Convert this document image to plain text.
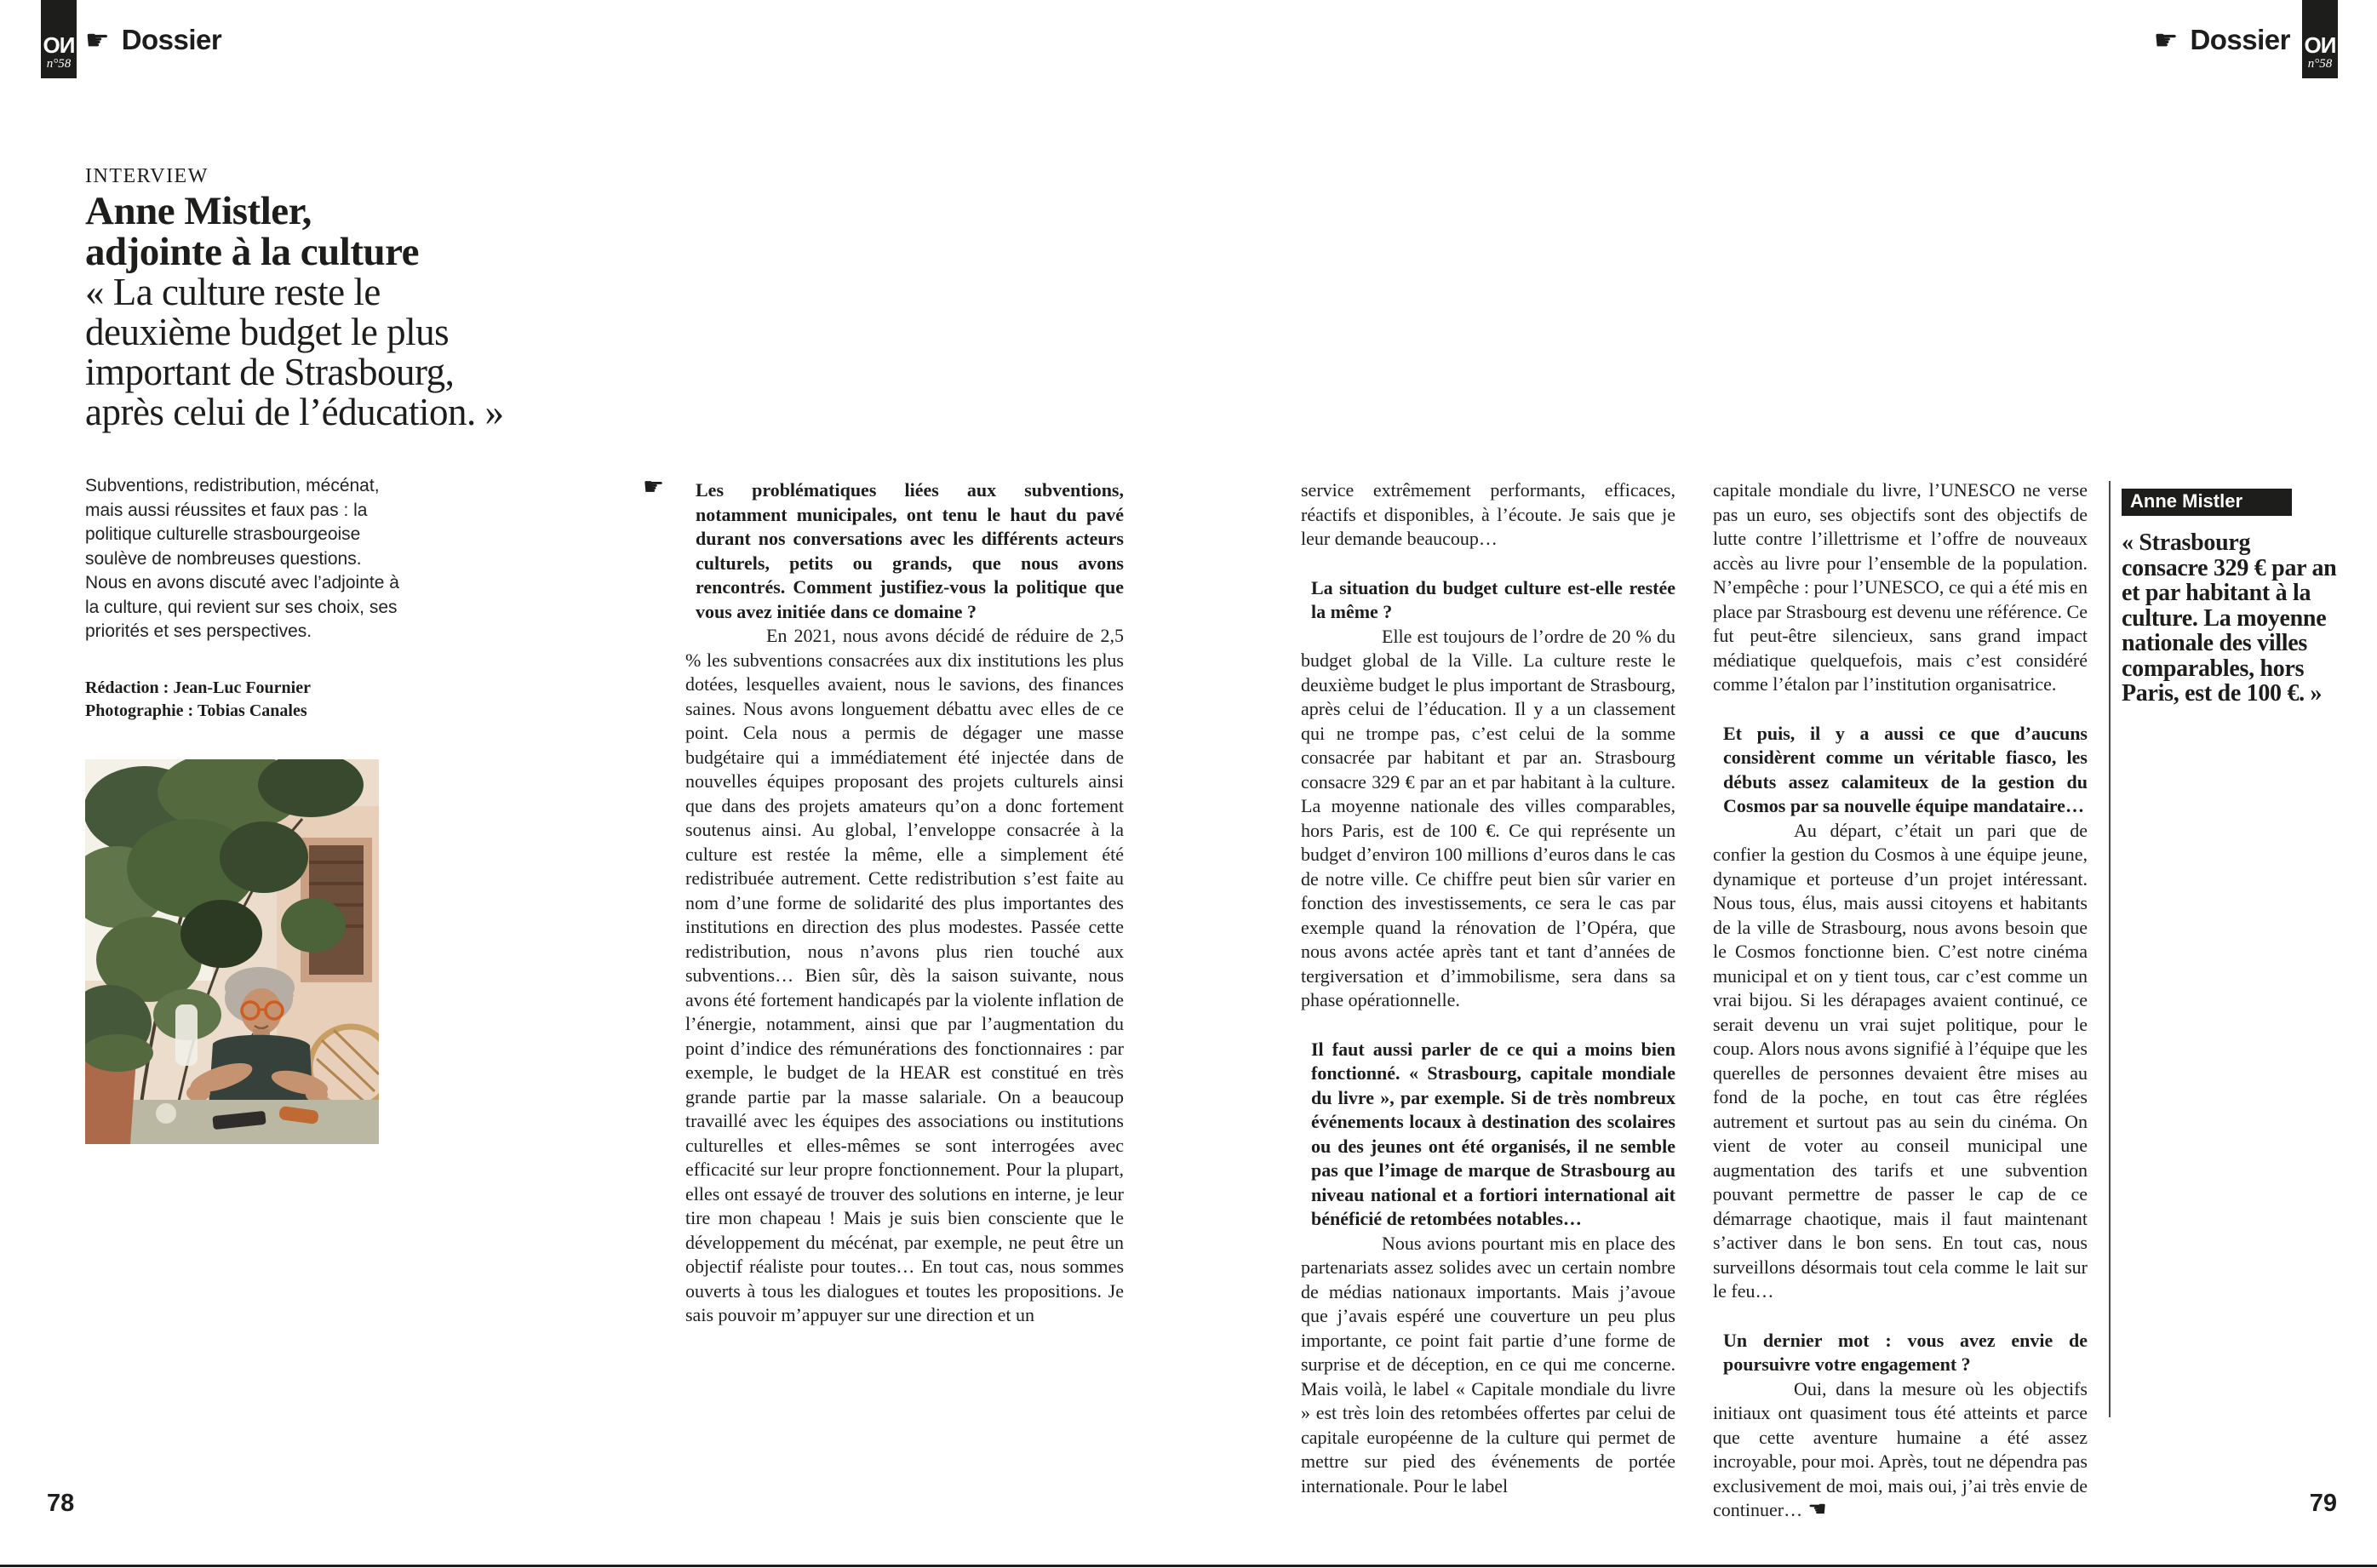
OИ
n°58
☛ Dossier	☛ Dossier OИ
n°58
INTERVIEW
Anne Mistler,
adjointe à la culture
« La culture reste le
deuxième budget le plus
important de Strasbourg,
après celui de l’éducation. »
Subventions, redistribution, mécénat, mais aussi réussites et faux pas : la politique culturelle strasbourgeoise soulève de nombreuses questions. Nous en avons discuté avec l’adjointe à la culture, qui revient sur ses choix, ses priorités et ses perspectives.
Rédaction : Jean-Luc Fournier
Photographie : Tobias Canales
☛ Les problématiques liées aux subventions, notamment municipales, ont tenu le haut du pavé durant nos conversations avec les différents acteurs culturels, petits ou grands, que nous avons rencontrés. Comment justifiez-vous la politique que vous avez initiée dans ce domaine ?
En 2021, nous avons décidé de réduire de 2,5 % les subventions consacrées aux dix institutions les plus dotées, lesquelles avaient, nous le savions, des finances saines. Nous avons longuement débattu avec elles de ce point. Cela nous a permis de dégager une masse budgétaire qui a immédiatement été injectée dans de nouvelles équipes proposant des projets culturels ainsi que dans des projets amateurs qu’on a donc fortement soutenus ainsi. Au global, l’enveloppe consacrée à la culture est restée la même, elle a simplement été redistribuée autrement. Cette redistribution s’est faite au nom d’une forme de solidarité des plus importantes des institutions en direction des plus modestes. Passée cette redistribution, nous n’avons plus rien touché aux subventions… Bien sûr, dès la saison suivante, nous avons été fortement handicapés par la violente inflation de l’énergie, notamment, ainsi que par l’augmentation du point d’indice des rémunérations des fonctionnaires : par exemple, le budget de la HEAR est constitué en très grande partie par la masse salariale. On a beaucoup travaillé avec les équipes des associations ou institutions culturelles et elles-mêmes se sont interrogées avec efficacité sur leur propre fonctionnement. Pour la plupart, elles ont essayé de trouver des solutions en interne, je leur tire mon chapeau ! Mais je suis bien consciente que le développement du mécénat, par exemple, ne peut être un objectif réaliste pour toutes… En tout cas, nous sommes ouverts à tous les dialogues et toutes les propositions. Je sais pouvoir m’appuyer sur une direction et un
service extrêmement performants, efficaces, réactifs et disponibles, à l’écoute. Je sais que je leur demande beaucoup…
La situation du budget culture est-elle restée la même ?
Elle est toujours de l’ordre de 20 % du budget global de la Ville. La culture reste le deuxième budget le plus important de Strasbourg, après celui de l’éducation. Il y a un classement qui ne trompe pas, c’est celui de la somme consacrée par habitant et par an. Strasbourg consacre 329 € par an et par habitant à la culture. La moyenne nationale des villes comparables, hors Paris, est de 100 €. Ce qui représente un budget d’environ 100 millions d’euros dans le cas de notre ville. Ce chiffre peut bien sûr varier en fonction des investissements, ce sera le cas par exemple quand la rénovation de l’Opéra, que nous avons actée après tant et tant d’années de tergiversation et d’immobilisme, sera dans sa phase opérationnelle.
Il faut aussi parler de ce qui a moins bien fonctionné. « Strasbourg, capitale mondiale du livre », par exemple. Si de très nombreux événements locaux à destination des scolaires ou des jeunes ont été organisés, il ne semble pas que l’image de marque de Strasbourg au niveau national et a fortiori international ait bénéficié de retombées notables…
Nous avions pourtant mis en place des partenariats assez solides avec un certain nombre de médias nationaux importants. Mais j’avoue que j’avais espéré une couverture un peu plus importante, ce point fait partie d’une forme de surprise et de déception, en ce qui me concerne. Mais voilà, le label « Capitale mondiale du livre » est très loin des retombées offertes par celui de capitale européenne de la culture qui permet de mettre sur pied des événements de portée internationale. Pour le label
capitale mondiale du livre, l’UNESCO ne verse pas un euro, ses objectifs sont des objectifs de lutte contre l’illettrisme et l’offre de nouveaux accès au livre pour l’ensemble de la population. N’empêche : pour l’UNESCO, ce qui a été mis en place par Strasbourg est devenu une référence. Ce fut peut-être silencieux, sans grand impact médiatique quelquefois, mais c’est considéré comme l’étalon par l’institution organisatrice.
Et puis, il y a aussi ce que d’aucuns considèrent comme un véritable fiasco, les débuts assez calamiteux de la gestion du Cosmos par sa nouvelle équipe mandataire…
Au départ, c’était un pari que de confier la gestion du Cosmos à une équipe jeune, dynamique et porteuse d’un projet intéressant. Nous tous, élus, mais aussi citoyens et habitants de la ville de Strasbourg, nous avons besoin que le Cosmos fonctionne bien. C’est notre cinéma municipal et on y tient tous, car c’est comme un vrai bijou. Si les dérapages avaient continué, ce serait devenu un vrai sujet politique, pour le coup. Alors nous avons signifié à l’équipe que les querelles de personnes devaient être mises au fond de la poche, en tout cas être réglées autrement et surtout pas au sein du cinéma. On vient de voter au conseil municipal une augmentation des tarifs et une subvention pouvant permettre de passer le cap de ce démarrage chaotique, mais il faut maintenant s’activer dans le bon sens. En tout cas, nous surveillons désormais tout cela comme le lait sur le feu…
Un dernier mot : vous avez envie de poursuivre votre engagement ?
Oui, dans la mesure où les objectifs initiaux ont quasiment tous été atteints et parce que cette aventure humaine a été assez incroyable, pour moi. Après, tout ne dépendra pas exclusivement de moi, mais oui, j’ai très envie de continuer… ☚
Anne Mistler
« Strasbourg consacre 329 € par an et par habitant à la culture. La moyenne nationale des villes comparables, hors Paris, est de 100 €. »
78	79
